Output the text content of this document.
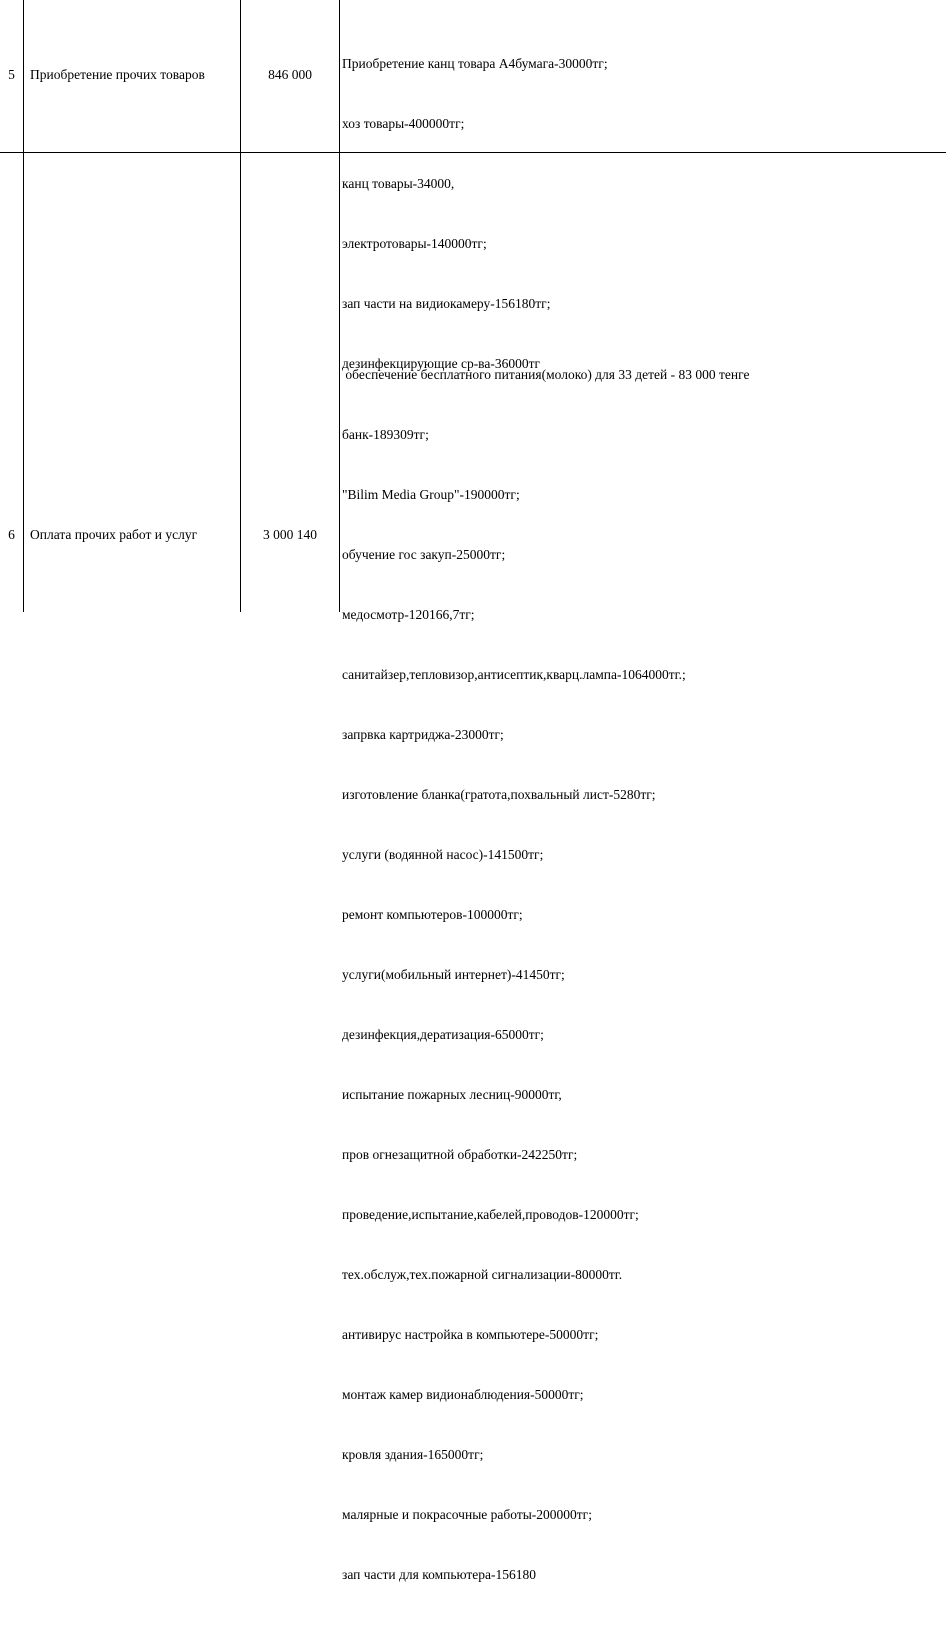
5	Приобретение прочих товаров	846 000

Приобретение канц товара А4бумага-30000тг;

хоз товары-400000тг;

канц товары-34000,

электротовары-140000тг;

зап части на видиокамеру-156180тг;

дезинфекцирующие ср-ва-36000тг

6	Оплата прочих работ и услуг	3 000 140

обеспечение бесплатного питания(молоко) для 33 детей - 83 000 тенге

банк-189309тг;

"Bilim Media Group"-190000тг;

обучение гос закуп-25000тг;

медосмотр-120166,7тг;

санитайзер,тепловизор,антисептик,кварц.лампа-1064000тг.;

запрвка картриджа-23000тг;

изготовление бланка(гратота,похвальный лист-5280тг;

услуги (водянной насос)-141500тг;

ремонт компьютеров-100000тг;

услуги(мобильный интернет)-41450тг;

дезинфекция,дератизация-65000тг;

испытание пожарных лесниц-90000тг,

пров огнезащитной обработки-242250тг;

проведение,испытание,кабелей,проводов-120000тг;

тех.обслуж,тех.пожарной сигнализации-80000тг.

антивирус настройка в компьютере-50000тг;

монтаж камер видионаблюдения-50000тг;

кровля здания-165000тг;

малярные и покрасочные работы-200000тг;

зап части для компьютера-156180
